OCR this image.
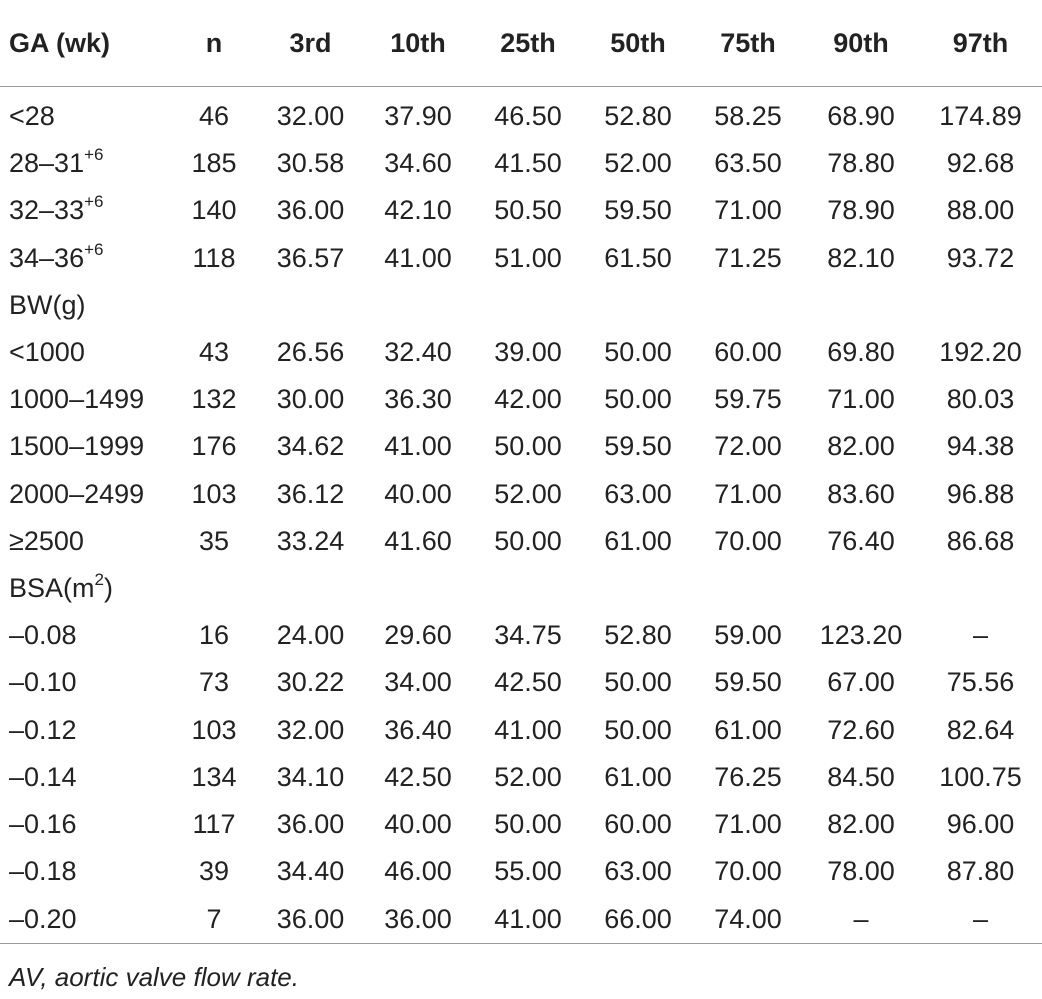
GA (wk)	n	3rd	10th	25th	50th	75th	90th	97th
<28	46	32.00	37.90	46.50	52.80	58.25	68.90	174.89
$28-31^{+6}$	185	30.58	34.60	41.50	52.00	63.50	78.80	92.68
$32-33^{+6}$	140	36.00	42.10	50.50	59.50	71.00	78.90	88.00
$34-36^{+6}$	118	36.57	41.00	51.00	61.50	71.25	82.10	93.72
BW(g)								
<1000	43	26.56	32.40	39.00	50.00	60.00	69.80	192.20
1000–1499	132	30.00	36.30	42.00	50.00	59.75	71.00	80.03
1500–1999	176	34.62	41.00	50.00	59.50	72.00	82.00	94.38
2000–2499	103	36.12	40.00	52.00	63.00	71.00	83.60	96.88
≥2500	35	33.24	41.60	50.00	61.00	70.00	76.40	86.68
$BSA(m^2)$								
–0.08	16	24.00	29.60	34.75	52.80	59.00	123.20	–
–0.10	73	30.22	34.00	42.50	50.00	59.50	67.00	75.56
–0.12	103	32.00	36.40	41.00	50.00	61.00	72.60	82.64
–0.14	134	34.10	42.50	52.00	61.00	76.25	84.50	100.75
–0.16	117	36.00	40.00	50.00	60.00	71.00	82.00	96.00
–0.18	39	34.40	46.00	55.00	63.00	70.00	78.00	87.80
–0.20	7	36.00	36.00	41.00	66.00	74.00	–	–
AV, aortic valve flow rate.
